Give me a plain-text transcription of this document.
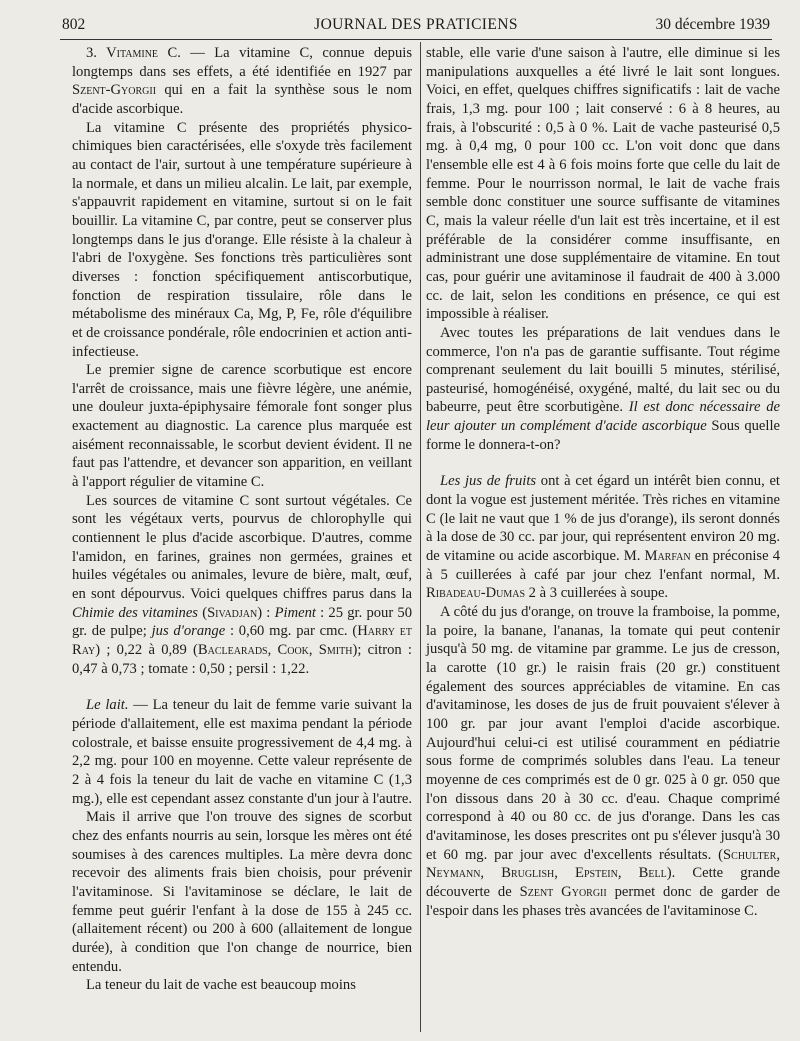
802	JOURNAL DES PRATICIENS	30 décembre 1939

3. Vitamine C. — La vitamine C, connue depuis longtemps dans ses effets, a été identifiée en 1927 par Szent-Gyorgii qui en a fait la synthèse sous le nom d'acide ascorbique.

La vitamine C présente des propriétés physico-chimiques bien caractérisées, elle s'oxyde très facilement au contact de l'air, surtout à une température supérieure à la normale, et dans un milieu alcalin. Le lait, par exemple, s'appauvrit rapidement en vitamine, surtout si on le fait bouillir. La vitamine C, par contre, peut se conserver plus longtemps dans le jus d'orange. Elle résiste à la chaleur à l'abri de l'oxygène. Ses fonctions très particulières sont diverses : fonction spécifiquement antiscorbutique, fonction de respiration tissulaire, rôle dans le métabolisme des minéraux Ca, Mg, P, Fe, rôle d'équilibre et de croissance pondérale, rôle endocrinien et action anti-infectieuse.

Le premier signe de carence scorbutique est encore l'arrêt de croissance, mais une fièvre légère, une anémie, une douleur juxta-épiphysaire fémorale font songer plus exactement au diagnostic. La carence plus marquée est aisément reconnaissable, le scorbut devient évident. Il ne faut pas l'attendre, et devancer son apparition, en veillant à l'apport régulier de vitamine C.

Les sources de vitamine C sont surtout végétales. Ce sont les végétaux verts, pourvus de chlorophylle qui contiennent le plus d'acide ascorbique. D'autres, comme l'amidon, en farines, graines non germées, graines et huiles végétales ou animales, levure de bière, malt, œuf, en sont dépourvus. Voici quelques chiffres parus dans la Chimie des vitamines (Sivadjan) : Piment : 25 gr. pour 50 gr. de pulpe; jus d'orange : 0,60 mg. par cmc. (Harry et Ray) ; 0,22 à 0,89 (Baclearads, Cook, Smith); citron : 0,47 à 0,73 ; tomate : 0,50 ; persil : 1,22.

Le lait. — La teneur du lait de femme varie suivant la période d'allaitement, elle est maxima pendant la période colostrale, et baisse ensuite progressivement de 4,4 mg. à 2,2 mg. pour 100 en moyenne. Cette valeur représente de 2 à 4 fois la teneur du lait de vache en vitamine C (1,3 mg.), elle est cependant assez constante d'un jour à l'autre.

Mais il arrive que l'on trouve des signes de scorbut chez des enfants nourris au sein, lorsque les mères ont été soumises à des carences multiples. La mère devra donc recevoir des aliments frais bien choisis, pour prévenir l'avitaminose. Si l'avitaminose se déclare, le lait de femme peut guérir l'enfant à la dose de 155 à 245 cc. (allaitement récent) ou 200 à 600 (allaitement de longue durée), à condition que l'on change de nourrice, bien entendu.

La teneur du lait de vache est beaucoup moins

stable, elle varie d'une saison à l'autre, elle diminue si les manipulations auxquelles a été livré le lait sont longues. Voici, en effet, quelques chiffres significatifs : lait de vache frais, 1,3 mg. pour 100 ; lait conservé : 6 à 8 heures, au frais, à l'obscurité : 0,5 à 0 %. Lait de vache pasteurisé 0,5 mg. à 0,4 mg, 0 pour 100 cc. L'on voit donc que dans l'ensemble elle est 4 à 6 fois moins forte que celle du lait de femme. Pour le nourrisson normal, le lait de vache frais semble donc constituer une source suffisante de vitamines C, mais la valeur réelle d'un lait est très incertaine, et il est préférable de la considérer comme insuffisante, en administrant une dose supplémentaire de vitamine. En tout cas, pour guérir une avitaminose il faudrait de 400 à 3.000 cc. de lait, selon les conditions en présence, ce qui est impossible à réaliser.

Avec toutes les préparations de lait vendues dans le commerce, l'on n'a pas de garantie suffisante. Tout régime comprenant seulement du lait bouilli 5 minutes, stérilisé, pasteurisé, homogénéisé, oxygéné, malté, du lait sec ou du babeurre, peut être scorbutigène. Il est donc nécessaire de leur ajouter un complément d'acide ascorbique Sous quelle forme le donnera-t-on?

Les jus de fruits ont à cet égard un intérêt bien connu, et dont la vogue est justement méritée. Très riches en vitamine C (le lait ne vaut que 1 % de jus d'orange), ils seront donnés à la dose de 30 cc. par jour, qui représentent environ 20 mg. de vitamine ou acide ascorbique. M. Marfan en préconise 4 à 5 cuillerées à café par jour chez l'enfant normal, M. Ribadeau-Dumas 2 à 3 cuillerées à soupe.

A côté du jus d'orange, on trouve la framboise, la pomme, la poire, la banane, l'ananas, la tomate qui peut contenir jusqu'à 50 mg. de vitamine par gramme. Le jus de cresson, la carotte (10 gr.) le raisin frais (20 gr.) constituent également des sources appréciables de vitamine. En cas d'avitaminose, les doses de jus de fruit pouvaient s'élever à 100 gr. par jour avant l'emploi d'acide ascorbique. Aujourd'hui celui-ci est utilisé couramment en pédiatrie sous forme de comprimés solubles dans l'eau. La teneur moyenne de ces comprimés est de 0 gr. 025 à 0 gr. 050 que l'on dissous dans 20 à 30 cc. d'eau. Chaque comprimé correspond à 40 ou 80 cc. de jus d'orange. Dans les cas d'avitaminose, les doses prescrites ont pu s'élever jusqu'à 30 et 60 mg. par jour avec d'excellents résultats. (Schulter, Neymann, Bruglish, Epstein, Bell). Cette grande découverte de Szent Gyorgii permet donc de garder de l'espoir dans les phases très avancées de l'avitaminose C.
